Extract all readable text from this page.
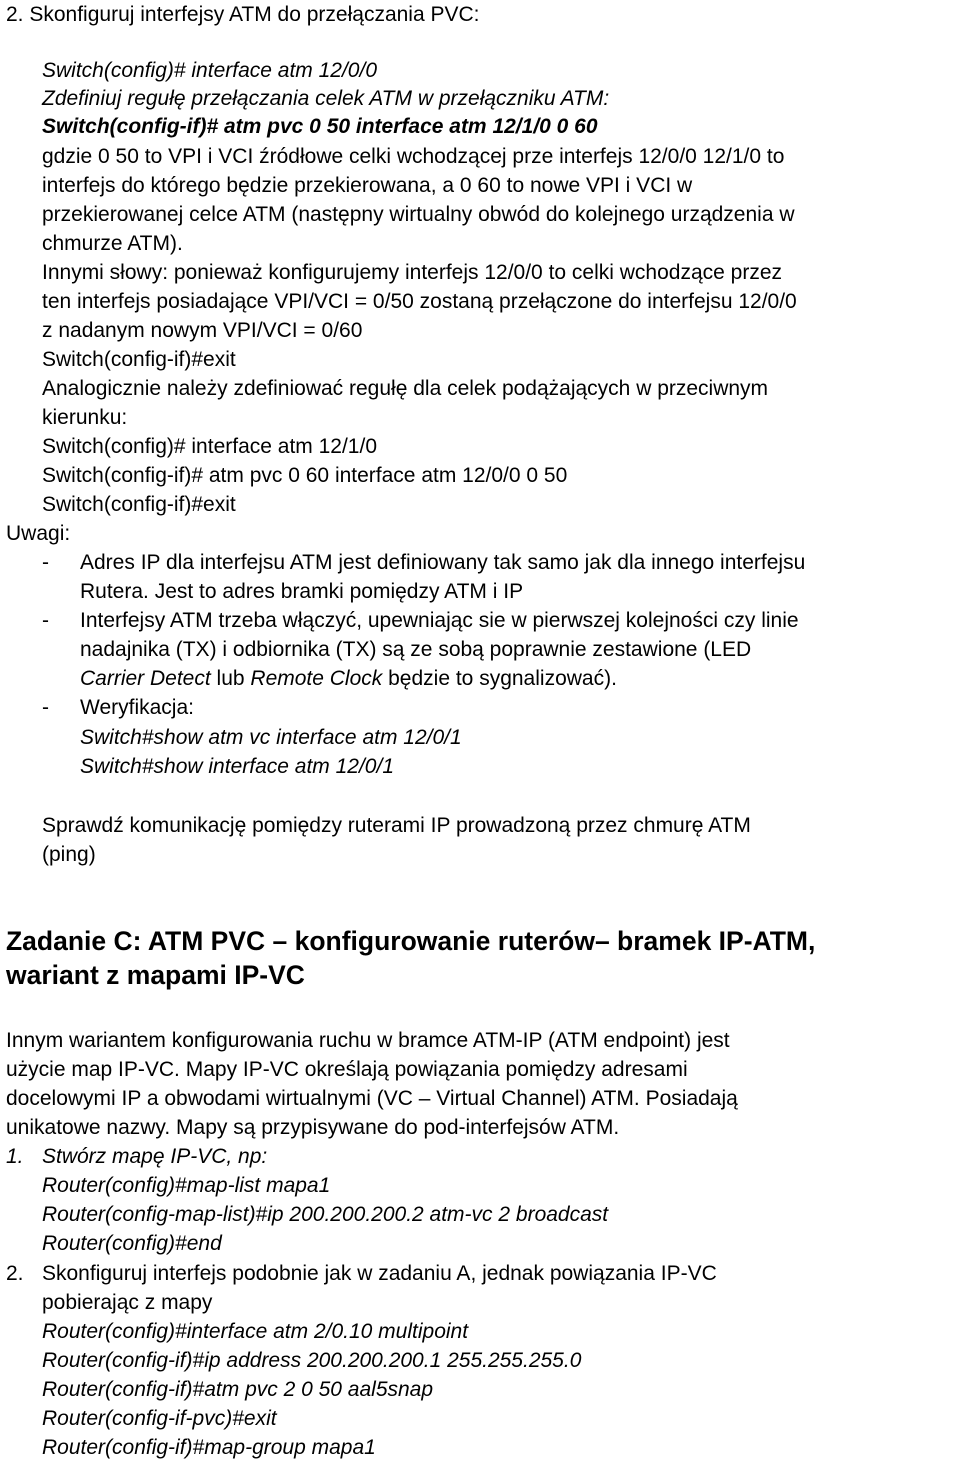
2. Skonfiguruj interfejsy ATM do przełączania PVC:
Switch(config)# interface atm 12/0/0
Zdefiniuj regułę przełączania celek ATM w przełączniku ATM:
Switch(config-if)# atm pvc 0 50 interface atm 12/1/0 0 60
gdzie 0 50 to VPI i VCI źródłowe celki wchodzącej prze interfejs 12/0/0 12/1/0 to
interfejs do którego będzie przekierowana, a 0 60 to nowe VPI i VCI w
przekierowanej celce ATM (następny wirtualny obwód do kolejnego urządzenia w
chmurze ATM).
Innymi słowy: ponieważ konfigurujemy interfejs 12/0/0 to celki wchodzące przez
ten interfejs posiadające VPI/VCI = 0/50 zostaną przełączone do interfejsu 12/0/0
z nadanym nowym VPI/VCI = 0/60
Switch(config-if)#exit
Analogicznie należy zdefiniować regułę dla celek podążających w przeciwnym
kierunku:
Switch(config)# interface atm 12/1/0
Switch(config-if)# atm pvc 0 60 interface atm 12/0/0 0 50
Switch(config-if)#exit
Uwagi:
- Adres IP dla interfejsu ATM jest definiowany tak samo jak dla innego interfejsu
Rutera. Jest to adres bramki pomiędzy ATM i IP
- Interfejsy ATM trzeba włączyć, upewniając sie w pierwszej kolejności czy linie
nadajnika (TX) i odbiornika (TX) są ze sobą poprawnie zestawione (LED
Carrier Detect lub Remote Clock będzie to sygnalizować).
- Weryfikacja:
Switch#show atm vc interface atm 12/0/1
Switch#show interface atm 12/0/1
Sprawdź komunikację pomiędzy ruterami IP prowadzoną przez chmurę ATM
(ping)
Zadanie C: ATM PVC – konfigurowanie ruterów– bramek IP-ATM,
wariant z mapami IP-VC
Innym wariantem konfigurowania ruchu w bramce ATM-IP (ATM endpoint) jest
użycie map IP-VC. Mapy IP-VC określają powiązania pomiędzy adresami
docelowymi IP a obwodami wirtualnymi (VC – Virtual Channel) ATM. Posiadają
unikatowe nazwy. Mapy są przypisywane do pod-interfejsów ATM.
1. Stwórz mapę IP-VC, np:
Router(config)#map-list mapa1
Router(config-map-list)#ip 200.200.200.2 atm-vc 2 broadcast
Router(config)#end
2. Skonfiguruj interfejs podobnie jak w zadaniu A, jednak powiązania IP-VC
pobierając z mapy
Router(config)#interface atm 2/0.10 multipoint
Router(config-if)#ip address 200.200.200.1 255.255.255.0
Router(config-if)#atm pvc 2 0 50 aal5snap
Router(config-if-pvc)#exit
Router(config-if)#map-group mapa1
